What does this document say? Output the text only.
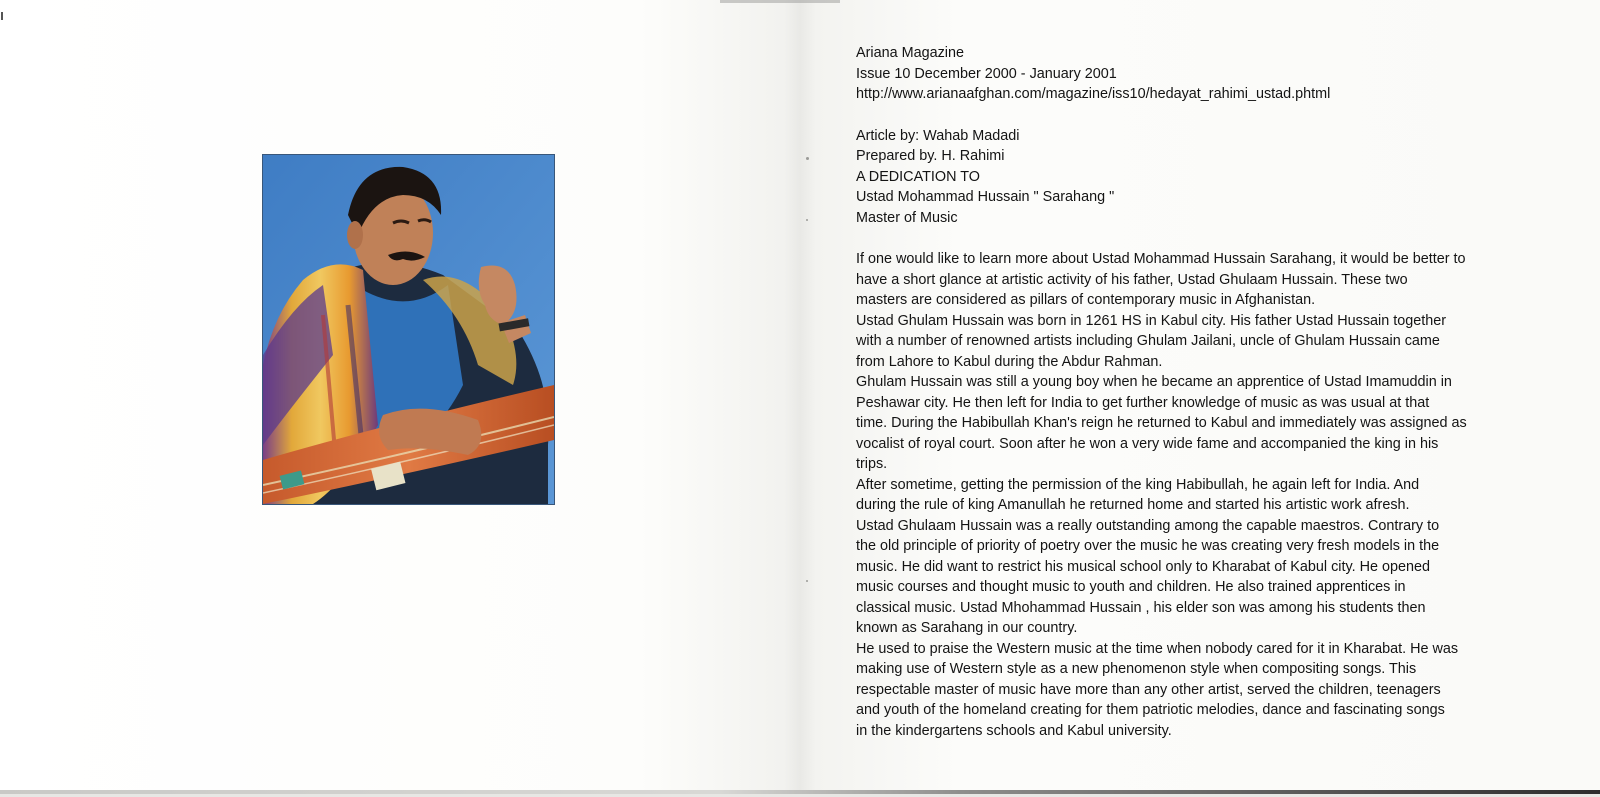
Ariana Magazine

Issue 10 December 2000 - January 2001

http://www.arianaafghan.com/magazine/iss10/hedayat_rahimi_ustad.phtml

Article by: Wahab Madadi

Prepared by. H. Rahimi

A DEDICATION TO

Ustad Mohammad Hussain " Sarahang "

Master of Music

If one would like to learn more about Ustad Mohammad Hussain Sarahang, it would be better to

have a short glance at artistic activity of his father, Ustad Ghulaam Hussain. These two

masters are considered as pillars of contemporary music in Afghanistan.

Ustad Ghulam Hussain was born in 1261 HS in Kabul city. His father Ustad Hussain together

with a number of renowned artists including Ghulam Jailani, uncle of Ghulam Hussain came

from Lahore to Kabul during the Abdur Rahman.

Ghulam Hussain was still a young boy when he became an apprentice of Ustad Imamuddin in

Peshawar city. He then left for India to get further knowledge of music as was usual at that

time. During the Habibullah Khan's reign he returned to Kabul and immediately was assigned as

vocalist of royal court. Soon after he won a very wide fame and accompanied the king in his

trips.

After sometime, getting the permission of the king Habibullah, he again left for India. And

during the rule of king Amanullah he returned home and started his artistic work afresh.

Ustad Ghulaam Hussain was a really outstanding among the capable maestros. Contrary to

the old principle of priority of poetry over the music he was creating very fresh models in the

music. He did want to restrict his musical school only to Kharabat of Kabul city. He opened

music courses and thought music to youth and children. He also trained apprentices in

classical music. Ustad Mhohammad Hussain , his elder son was among his students then

known as Sarahang in our country.

He used to praise the Western music at the time when nobody cared for it in Kharabat. He was

making use of Western style as a new phenomenon style when compositing songs. This

respectable master of music have more than any other artist, served the children, teenagers

and youth of the homeland creating for them patriotic melodies, dance and fascinating songs

in the kindergartens schools and Kabul university.
